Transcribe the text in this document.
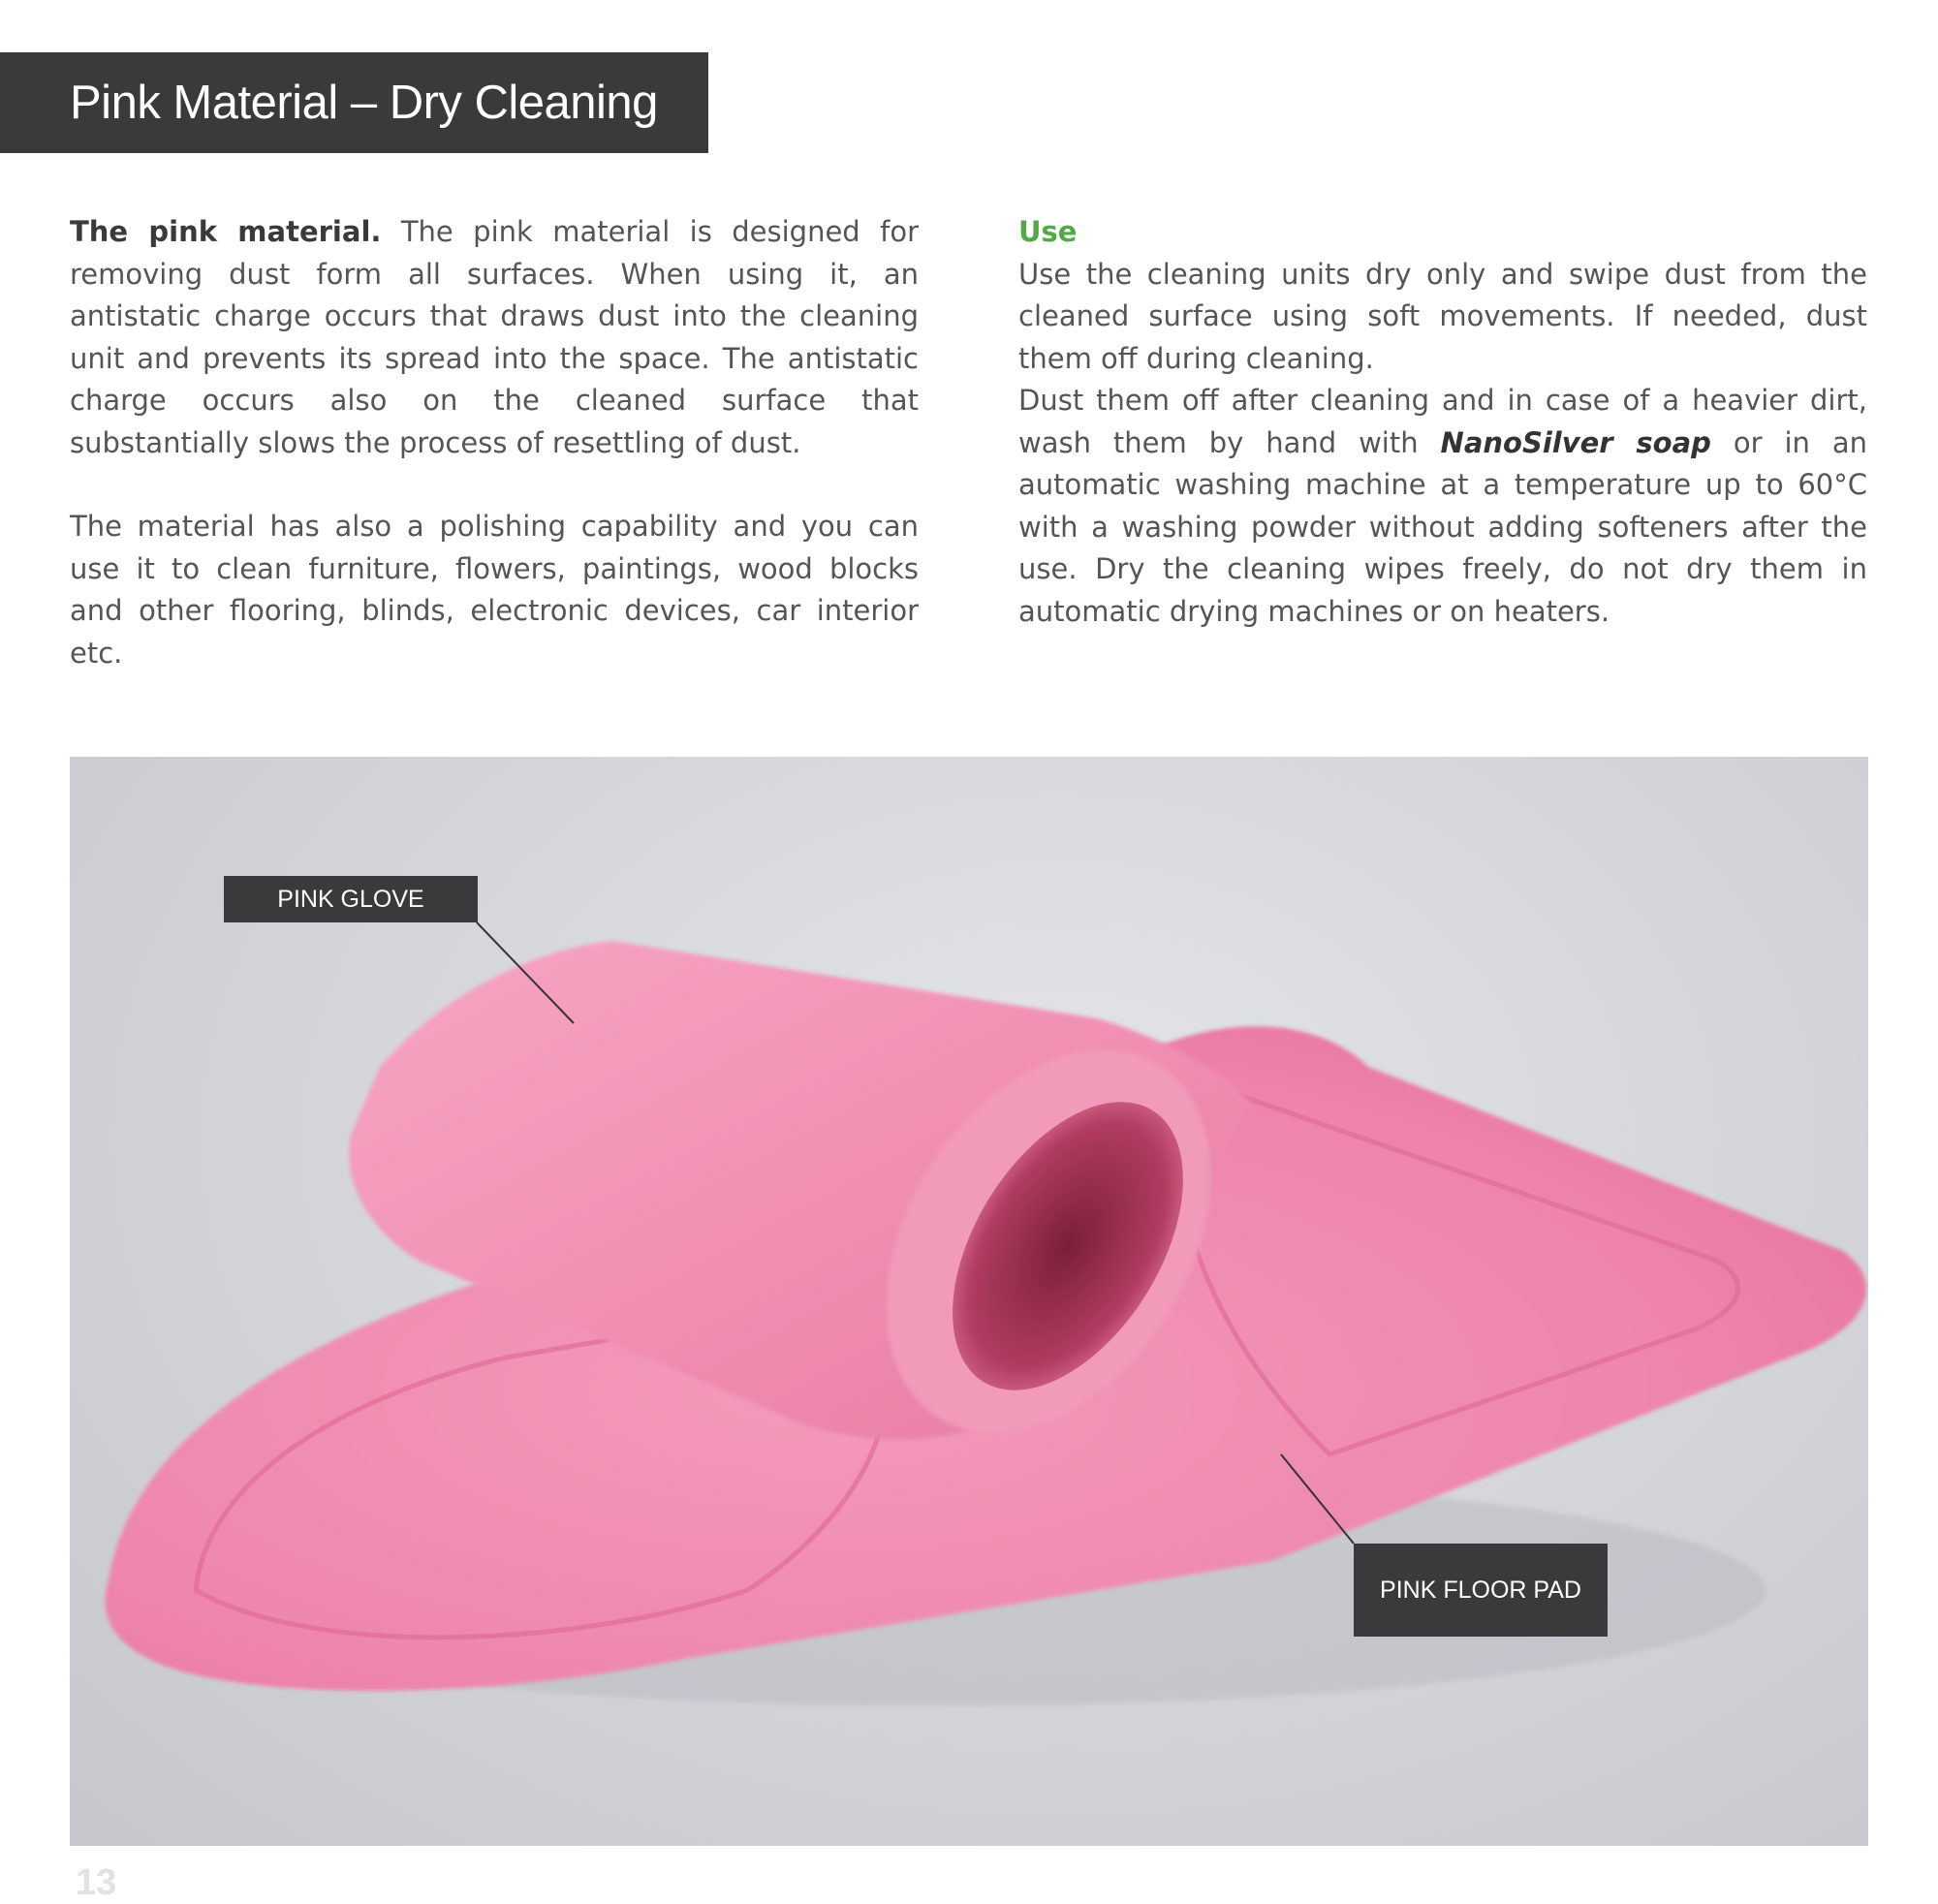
Pink Material – Dry Cleaning

The pink material. The pink material is designed for removing dust form all surfaces. When using it, an antistatic charge occurs that draws dust into the cleaning unit and prevents its spread into the space. The antistatic charge occurs also on the cleaned surface that substantially slows the process of resettling of dust.

The material has also a polishing capability and you can use it to clean furniture, flowers, paintings, wood blocks and other flooring, blinds, electronic devices, car interior etc.

Use

Use the cleaning units dry only and swipe dust from the cleaned surface using soft movements. If needed, dust them off during cleaning.

Dust them off after cleaning and in case of a heavier dirt, wash them by hand with NanoSilver soap or in an automatic washing machine at a temperature up to 60°C with a washing powder without adding softeners after the use. Dry the cleaning wipes freely, do not dry them in automatic drying machines or on heaters.

PINK GLOVE
PINK FLOOR PAD
13
